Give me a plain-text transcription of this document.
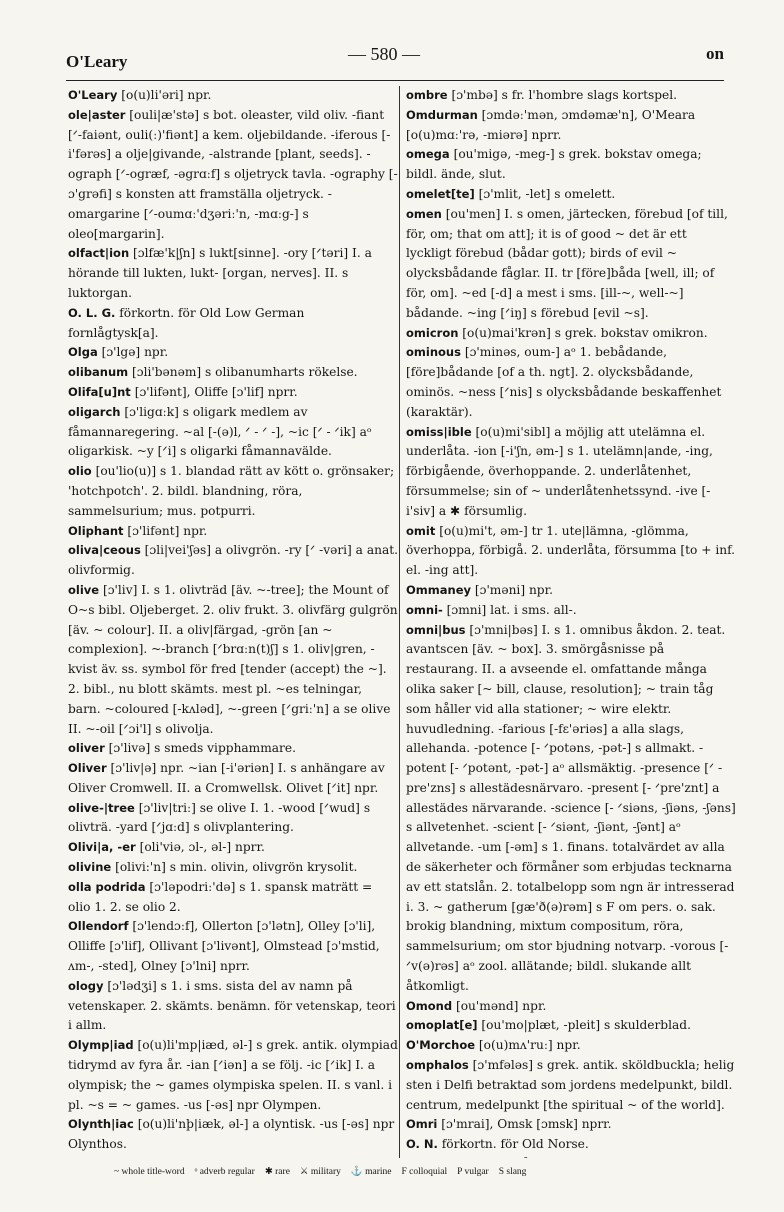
O'Leary	— 580 —	on

O'Leary [o(u)li'əri] npr.

ole|aster [ouli|æ'stə] s bot. oleaster, vild oliv. -fiant [ᐟ-faiənt, ouli(ː)'fiənt] a kem. oljebildande. -iferous [-i'fərəs] a olje|givande, -alstrande [plant, seeds]. -ograph [ᐟ-ogræf, -əgrɑːf] s oljetryck tavla. -ography [-ɔ'grəfi] s konsten att framställa oljetryck. -omargarine [ᐟ-oumɑː'dʒəriː'n, -mɑːg-] s oleo[margarin].

olfact|ion [ɔlfæ'k|ʃn] s lukt[sinne]. -ory [ᐟtəri] I. a hörande till lukten, lukt- [organ, nerves]. II. s luktorgan.

O. L. G. förkortn. för Old Low German fornlågtysk[a].

Olga [ɔ'lgə] npr.

olibanum [ɔli'bənəm] s olibanumharts rökelse.

Olifa[u]nt [ɔ'lifənt], Oliffe [ɔ'lif] nprr.

oligarch [ɔ'ligɑːk] s oligark medlem av fåmannaregering. ~al [-(ə)l, ᐟ - ᐟ -], ~ic [ᐟ - ᐟik] aᵒ oligarkisk. ~y [ᐟi] s oligarki fåmannavälde.

olio [ou'lio(u)] s 1. blandad rätt av kött o. grönsaker; 'hotchpotch'. 2. bildl. blandning, röra, sammelsurium; mus. potpurri.

Oliphant [ɔ'lifənt] npr.

oliva|ceous [ɔli|vei'ʃəs] a olivgrön. -ry [ᐟ -vəri] a anat. olivformig.

olive [ɔ'liv] I. s 1. olivträd [äv. ~-tree]; the Mount of O~s bibl. Oljeberget. 2. oliv frukt. 3. olivfärg gulgrön [äv. ~ colour]. II. a oliv|färgad, -grön [an ~ complexion]. ~-branch [ᐟbrɑːn(t)ʃ] s 1. oliv|gren, -kvist äv. ss. symbol för fred [tender (accept) the ~]. 2. bibl., nu blott skämts. mest pl. ~es telningar, barn. ~coloured [-kʌləd], ~-green [ᐟgriː'n] a se olive II. ~-oil [ᐟɔi'l] s olivolja.

oliver [ɔ'livə] s smeds vipphammare.

Oliver [ɔ'liv|ə] npr. ~ian [-i'əriən] I. s anhängare av Oliver Cromwell. II. a Cromwellsk. Olivet [ᐟit] npr.

olive-|tree [ɔ'liv|triː] se olive I. 1. -wood [ᐟwud] s olivträ. -yard [ᐟjɑːd] s olivplantering.

Olivi|a, -er [oli'viə, ɔl-, əl-] nprr.

olivine [olivi:'n] s min. olivin, olivgrön krysolit.

olla podrida [ɔ'ləpodriː'də] s 1. spansk maträtt = olio 1. 2. se olio 2.

Ollendorf [ɔ'lendɔːf], Ollerton [ɔ'lətn], Olley [ɔ'li], Olliffe [ɔ'lif], Ollivant [ɔ'livənt], Olmstead [ɔ'mstid, ʌm-, -sted], Olney [ɔ'lni] nprr.

ology [ɔ'lədʒi] s 1. i sms. sista del av namn på vetenskaper. 2. skämts. benämn. för vetenskap, teori i allm.

Olymp|iad [o(u)li'mp|iæd, əl-] s grek. antik. olympiad tidrymd av fyra år. -ian [ᐟiən] a se följ. -ic [ᐟik] I. a olympisk; the ~ games olympiska spelen. II. s vanl. i pl. ~s = ~ games. -us [-əs] npr Olympen.

Olynth|iac [o(u)li'nþ|iæk, əl-] a olyntisk. -us [-əs] npr Olynthos.

ombre [ɔ'mbə] s fr. l'hombre slags kortspel.

Omdurman [ɔmdəː'mən, ɔmdəmæ'n], O'Meara [o(u)mɑː'rə, -miərə] nprr.

omega [ou'migə, -meg-] s grek. bokstav omega; bildl. ände, slut.

omelet[te] [ɔ'mlit, -let] s omelett.

omen [ou'men] I. s omen, järtecken, förebud [of till, för, om; that om att]; it is of good ~ det är ett lyckligt förebud (bådar gott); birds of evil ~ olycksbådande fåglar. II. tr [före]båda [well, ill; of för, om]. ~ed [-d] a mest i sms. [ill-~, well-~] bådande. ~ing [ᐟiŋ] s förebud [evil ~s].

omicron [o(u)mai'krən] s grek. bokstav omikron.

ominous [ɔ'minəs, oum-] aᵒ 1. bebådande, [före]bådande [of a th. ngt]. 2. olycksbådande, ominös. ~ness [ᐟnis] s olycksbådande beskaffenhet (karaktär).

omiss|ible [o(u)mi'sibl] a möjlig att utelämna el. underlåta. -ion [-i'ʃn, əm-] s 1. utelämn|ande, -ing, förbigående, överhoppande. 2. underlåtenhet, försummelse; sin of ~ underlåtenhetssynd. -ive [-i'siv] a ✱ försumlig.

omit [o(u)mi't, əm-] tr 1. ute|lämna, -glömma, överhoppa, förbigå. 2. underlåta, försumma [to + inf. el. -ing att].

Ommaney [ɔ'məni] npr.

omni- [ɔmni] lat. i sms. all-.

omni|bus [ɔ'mni|bəs] I. s 1. omnibus åkdon. 2. teat. avantscen [äv. ~ box]. 3. smörgåsnisse på restaurang. II. a avseende el. omfattande många olika saker [~ bill, clause, resolution]; ~ train tåg som håller vid alla stationer; ~ wire elektr. huvudledning. -farious [-fɛ'əriəs] a alla slags, allehanda. -potence [- ᐟpotəns, -pət-] s allmakt. -potent [- ᐟpotənt, -pət-] aᵒ allsmäktig. -presence [ᐟ -pre'zns] s allestädesnärvaro. -present [- ᐟpre'znt] a allestädes närvarande. -science [- ᐟsiəns, -ʃiəns, -ʃəns] s allvetenhet. -scient [- ᐟsiənt, -ʃiənt, -ʃənt] aᵒ allvetande. -um [-əm] s 1. finans. totalvärdet av alla de säkerheter och förmåner som erbjudas tecknarna av ett statslån. 2. totalbelopp som ngn är intresserad i. 3. ~ gatherum [gæ'ð(ə)rəm] s F om pers. o. sak. brokig blandning, mixtum compositum, röra, sammelsurium; om stor bjudning notvarp. -vorous [- ᐟv(ə)rəs] aᵒ zool. allätande; bildl. slukande allt åtkomligt.

Omond [ou'mənd] npr.

omoplat[e] [ou'mo|plæt, -pleit] s skulderblad.

O'Morchoe [o(u)mʌ'ruː] npr.

omphalos [ɔ'mfələs] s grek. antik. sköldbuckla; helig sten i Delfi betraktad som jordens medelpunkt, bildl. centrum, medelpunkt [the spiritual ~ of the world].

Omri [ɔ'mrai], Omsk [ɔmsk] nprr.

O. N. förkortn. för Old Norse.

~ whole title-word ᵒ adverb regular ✱ rare ⚔ military ⚓ marine F colloquial P vulgar S slang
